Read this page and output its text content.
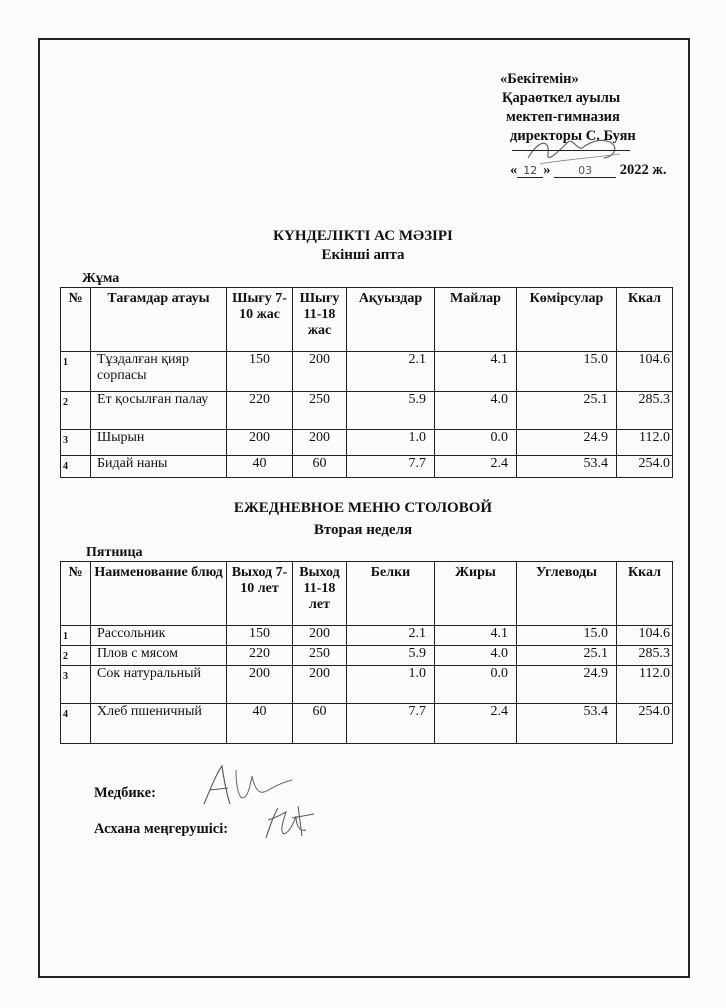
«Бекітемін»
Қараөткел ауылы
мектеп-гимназия
директоры С. Буян
« 12 » 03 2022 ж.
КҮНДЕЛІКТІ АС МӘЗІРІ
Екінші апта
Жұма
№	Тағамдар атауы	Шығу 7-10 жас	Шығу 11-18 жас	Ақуыздар	Майлар	Көмірсулар	Ккал
1	Тұздалған қияр сорпасы	150	200	2.1	4.1	15.0	104.6
2	Ет қосылған палау	220	250	5.9	4.0	25.1	285.3
3	Шырын	200	200	1.0	0.0	24.9	112.0
4	Бидай наны	40	60	7.7	2.4	53.4	254.0
ЕЖЕДНЕВНОЕ МЕНЮ СТОЛОВОЙ
Вторая неделя
Пятница
№	Наименование блюд	Выход 7-10 лет	Выход 11-18 лет	Белки	Жиры	Углеводы	Ккал
1	Рассольник	150	200	2.1	4.1	15.0	104.6
2	Плов с мясом	220	250	5.9	4.0	25.1	285.3
3	Сок натуральный	200	200	1.0	0.0	24.9	112.0
4	Хлеб пшеничный	40	60	7.7	2.4	53.4	254.0
Медбике:
Асхана меңгерушісі:
